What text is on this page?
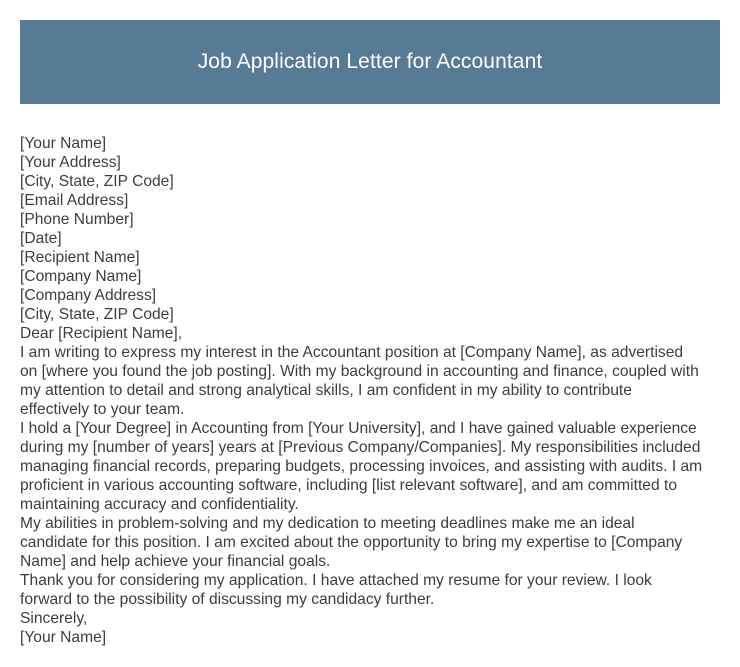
Job Application Letter for Accountant
[Your Name]
[Your Address]
[City, State, ZIP Code]
[Email Address]
[Phone Number]
[Date]
[Recipient Name]
[Company Name]
[Company Address]
[City, State, ZIP Code]
Dear [Recipient Name],
I am writing to express my interest in the Accountant position at [Company Name], as advertised
on [where you found the job posting]. With my background in accounting and finance, coupled with
my attention to detail and strong analytical skills, I am confident in my ability to contribute
effectively to your team.
I hold a [Your Degree] in Accounting from [Your University], and I have gained valuable experience
during my [number of years] years at [Previous Company/Companies]. My responsibilities included
managing financial records, preparing budgets, processing invoices, and assisting with audits. I am
proficient in various accounting software, including [list relevant software], and am committed to
maintaining accuracy and confidentiality.
My abilities in problem-solving and my dedication to meeting deadlines make me an ideal
candidate for this position. I am excited about the opportunity to bring my expertise to [Company
Name] and help achieve your financial goals.
Thank you for considering my application. I have attached my resume for your review. I look
forward to the possibility of discussing my candidacy further.
Sincerely,
[Your Name]
